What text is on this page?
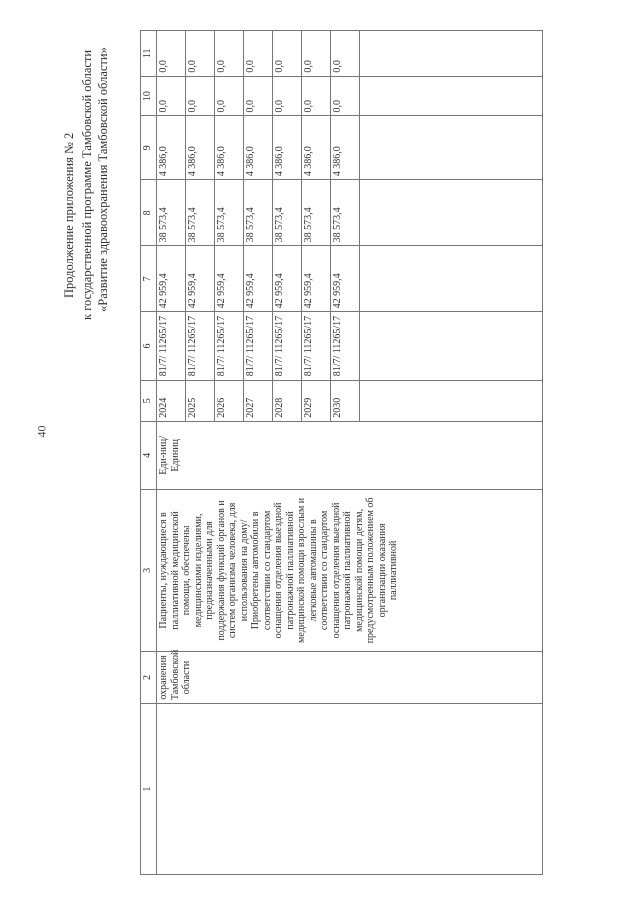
40
Продолжение приложения № 2 к государственной программе Тамбовской области «Развитие здравоохранения Тамбовской области»
1	2	3	4	5	6	7	8	9	10	11
	охранения Тамбовской области	Пациенты, нуждающиеся в паллиативной медицинской помощи, обеспечены медицинскими изделиями, предназначенными для поддержания функций органов и систем организма человека, для использования на дому/ Приобретены автомобили в соответствии со стандартом оснащения отделения выездной патронажной паллиативной медицинской помощи взрослым и легковые автомашины в соответствии со стандартом оснащения отделения выездной патронажной паллиативной медицинской помощи детям, предусмотренным положением об организации оказания паллиативной	Еди-ниц/Единиц	2024	81/7/ 11265/17	42 959,4	38 573,4	4 386,0	0,0	0,0
				2025	81/7/ 11265/17	42 959,4	38 573,4	4 386,0	0,0	0,0
				2026	81/7/ 11265/17	42 959,4	38 573,4	4 386,0	0,0	0,0
				2027	81/7/ 11265/17	42 959,4	38 573,4	4 386,0	0,0	0,0
				2028	81/7/ 11265/17	42 959,4	38 573,4	4 386,0	0,0	0,0
				2029	81/7/ 11265/17	42 959,4	38 573,4	4 386,0	0,0	0,0
				2030	81/7/ 11265/17	42 959,4	38 573,4	4 386,0	0,0	0,0
